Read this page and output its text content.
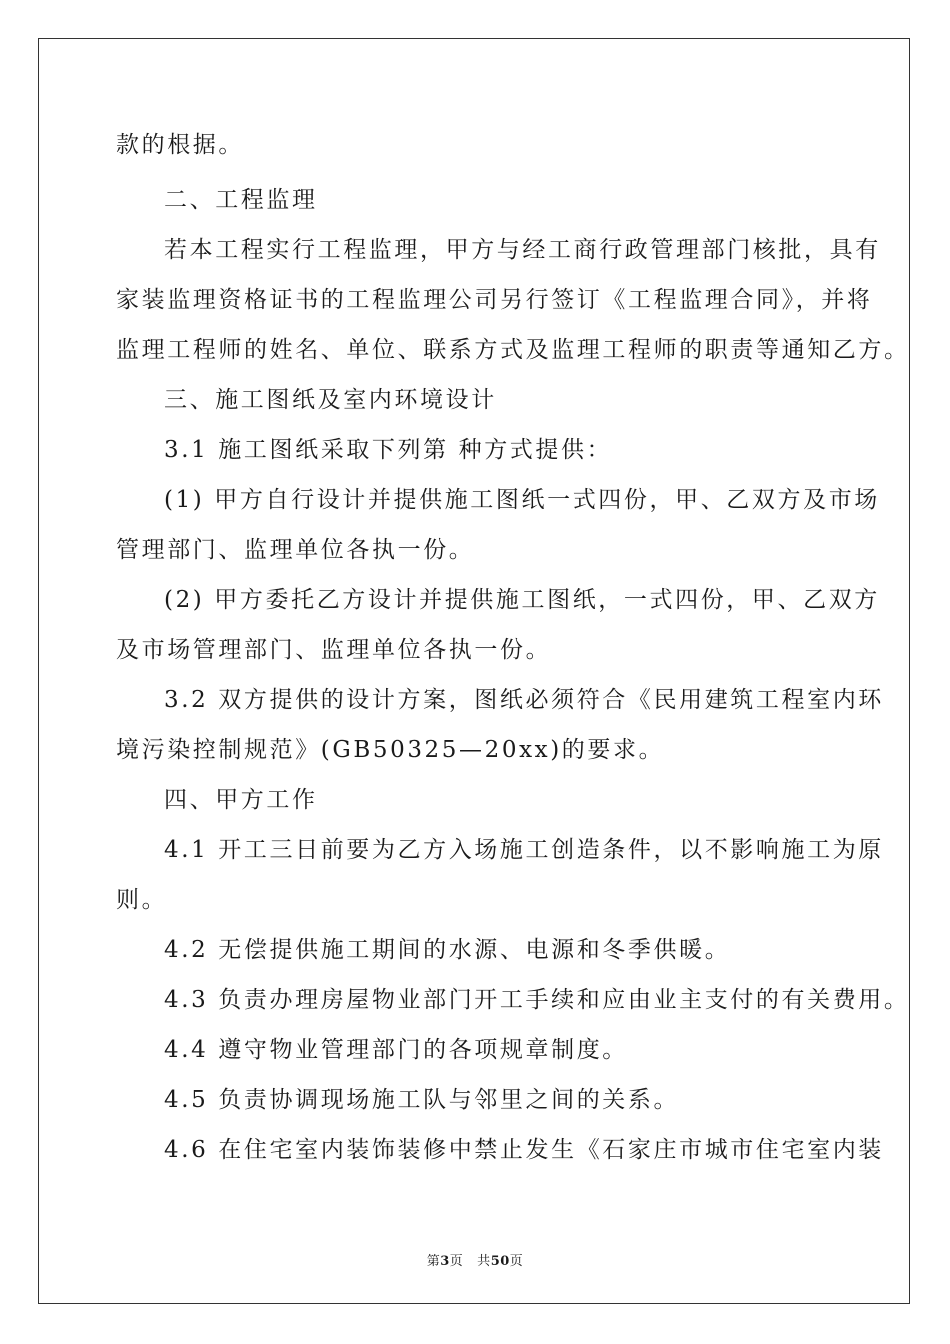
款的根据。
二、工程监理
若本工程实行工程监理，甲方与经工商行政管理部门核批，具有
家装监理资格证书的工程监理公司另行签订《工程监理合同》，并将
监理工程师的姓名、单位、联系方式及监理工程师的职责等通知乙方。
三、施工图纸及室内环境设计
3.1 施工图纸采取下列第 种方式提供：
(1) 甲方自行设计并提供施工图纸一式四份，甲、乙双方及市场
管理部门、监理单位各执一份。
(2) 甲方委托乙方设计并提供施工图纸，一式四份，甲、乙双方
及市场管理部门、监理单位各执一份。
3.2 双方提供的设计方案，图纸必须符合《民用建筑工程室内环
境污染控制规范》(GB50325—20xx)的要求。
四、甲方工作
4.1 开工三日前要为乙方入场施工创造条件，以不影响施工为原
则。
4.2 无偿提供施工期间的水源、电源和冬季供暖。
4.3 负责办理房屋物业部门开工手续和应由业主支付的有关费用。
4.4 遵守物业管理部门的各项规章制度。
4.5 负责协调现场施工队与邻里之间的关系。
4.6 在住宅室内装饰装修中禁止发生《石家庄市城市住宅室内装
第3页 共50页
